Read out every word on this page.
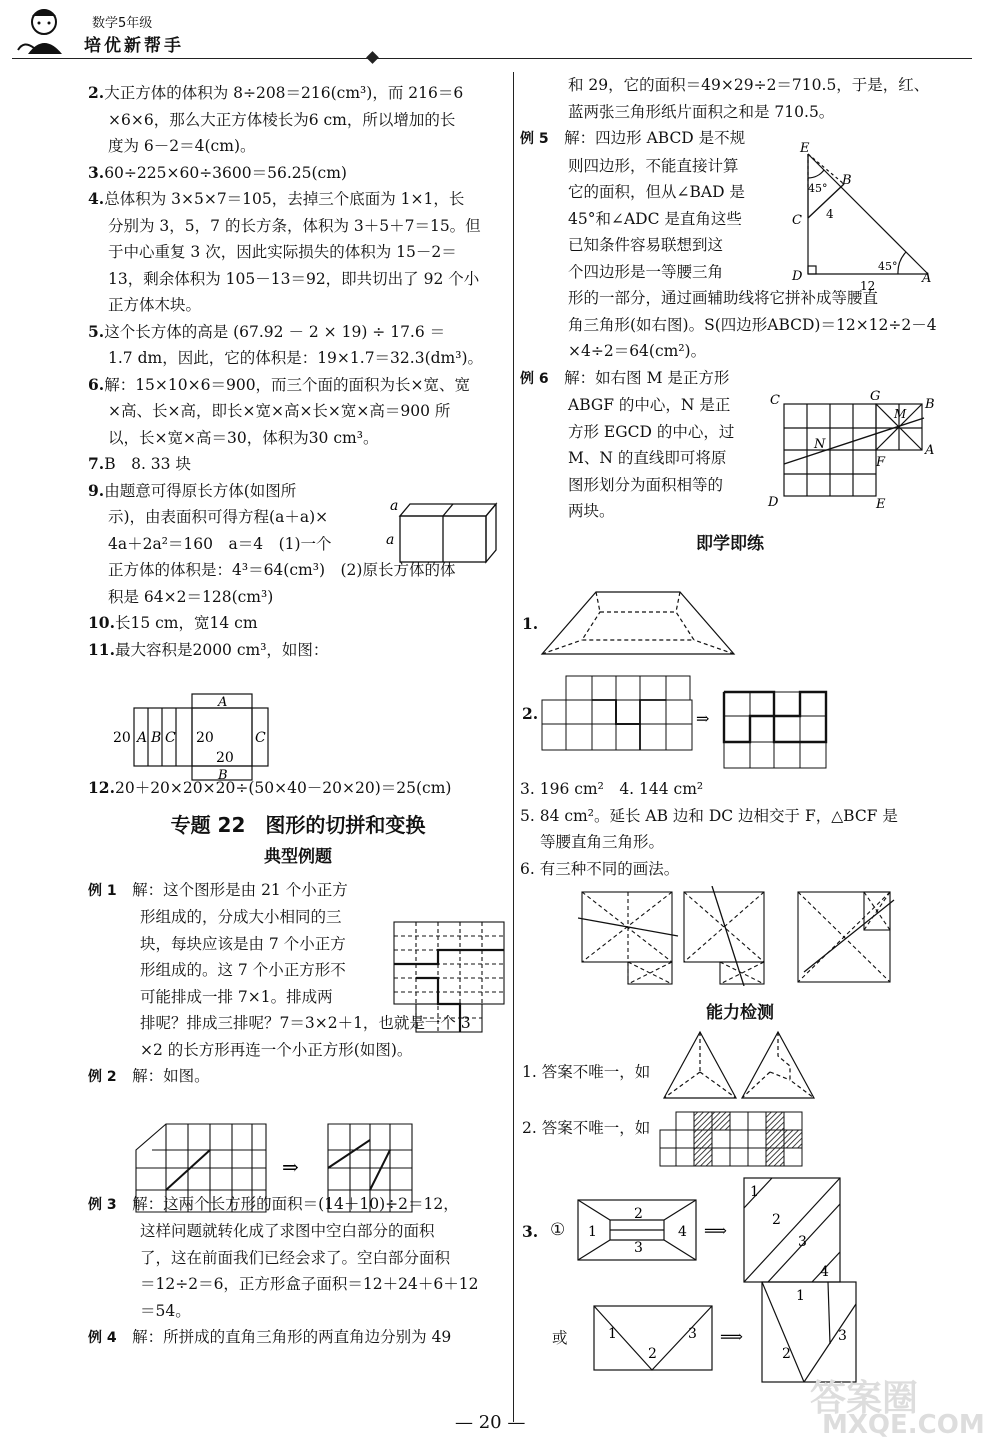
数学5年级
培优新帮手

2.大正方体的体积为 8÷208＝216(cm³)，而 216＝6

×6×6，那么大正方体棱长为6 cm，所以增加的长

度为 6－2＝4(cm)。

3.60÷225×60÷3600＝56.25(cm)

4.总体积为 3×5×7＝105，去掉三个底面为 1×1，长

分别为 3，5，7 的长方条，体积为 3＋5＋7＝15。但

于中心重复 3 次，因此实际损失的体积为 15－2＝

13，剩余体积为 105－13＝92，即共切出了 92 个小

正方体木块。

5.这个长方体的高是 (67.92 － 2 × 19) ÷ 17.6 ＝

1.7 dm，因此，它的体积是：19×1.7＝32.3(dm³)。

6.解：15×10×6＝900，而三个面的面积为长×宽、宽

×高、长×高，即长×宽×高×长×宽×高＝900 所

以，长×宽×高＝30，体积为30 cm³。

7.B　8. 33 块

9.由题意可得原长方体(如图所

示)，由表面积可得方程(a＋a)×

4a＋2a²＝160　a＝4　(1)一个

正方体的体积是：4³＝64(cm³)　(2)原长方体的体

积是 64×2＝128(cm³)

10.长15 cm，宽14 cm

11.最大容积是2000 cm³，如图：

12.20＋20×20×20÷(50×40－20×20)＝25(cm)

专题 22　图形的切拼和变换
典型例题

例 1　 解：这个图形是由 21 个小正方

形组成的，分成大小相同的三

块，每块应该是由 7 个小正方

形组成的。这 7 个小正方形不

可能排成一排 7×1。排成两

排呢？排成三排呢？7＝3×2＋1，也就是一个 3

×2 的长方形再连一个小正方形(如图)。

例 2　 解：如图。

例 3　 解：这两个长方形的面积＝(14＋10)÷2＝12，

这样问题就转化成了求图中空白部分的面积

了，这在前面我们已经会求了。空白部分面积

＝12÷2＝6，正方形盒子面积＝12＋24＋6＋12

＝54。

例 4　 解：所拼成的直角三角形的两直角边分别为 49

a
a
20 A B C 20
20
C
A
B
⇒

和 29，它的面积＝49×29÷2＝710.5，于是，红、

蓝两张三角形纸片面积之和是 710.5。

例 5　 解：四边形 ABCD 是不规

则四边形，不能直接计算

它的面积，但从∠BAD 是

45°和∠ADC 是直角这些

已知条件容易联想到这

个四边形是一等腰三角

形的一部分，通过画辅助线将它拼补成等腰直

角三角形(如右图)。S(四边形ABCD)＝12×12÷2－4

×4÷2＝64(cm²)。

例 6　 解：如右图 M 是正方形

ABGF 的中心，N 是正

方形 EGCD 的中心，过

M、N 的直线即可将原

图形划分为面积相等的

两块。

即学即练
E
B
C
D	A
4
12
45°
45°
C	G
B
M
N
F
A
D	E
1.
2.	⇒

3. 196 cm²　4. 144 cm²

5. 84 cm²。延长 AB 边和 DC 边相交于 F，△BCF 是

等腰直角三角形。

6. 有三种不同的画法。

能力检测
1. 答案不唯一，如
2. 答案不唯一，如
3. ① 1
2
3
4 ⟹
1
2
3
4
或	1
2
3 ⟹
1
2
3
— 20 —
答案圈
MXQE.COM
